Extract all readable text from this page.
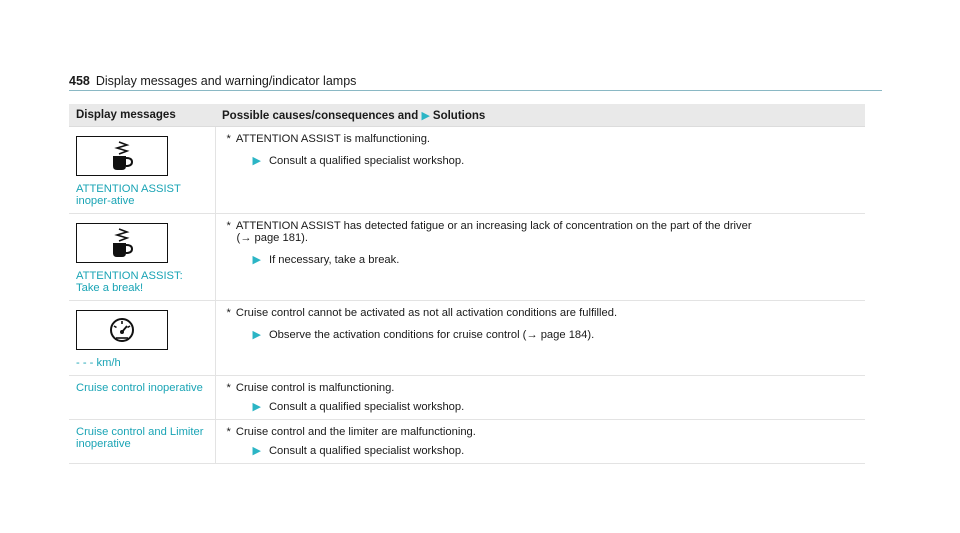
458 Display messages and warning/indicator lamps
Display messages	Possible causes/consequences and ▶ Solutions

ATTENTION ASSIST inoper-ative	* ATTENTION ASSIST is malfunctioning.
▶ Consult a qualified specialist workshop.

ATTENTION ASSIST: Take a break!	* ATTENTION ASSIST has detected fatigue or an increasing lack of concentration on the part of the driver
(→ page 181).
▶ If necessary, take a break.

- - - km/h	* Cruise control cannot be activated as not all activation conditions are fulfilled.
▶ Observe the activation conditions for cruise control (→ page 184).

Cruise control inoperative	* Cruise control is malfunctioning.
▶ Consult a qualified specialist workshop.

Cruise control and Limiter inoperative	* Cruise control and the limiter are malfunctioning.
▶ Consult a qualified specialist workshop.
